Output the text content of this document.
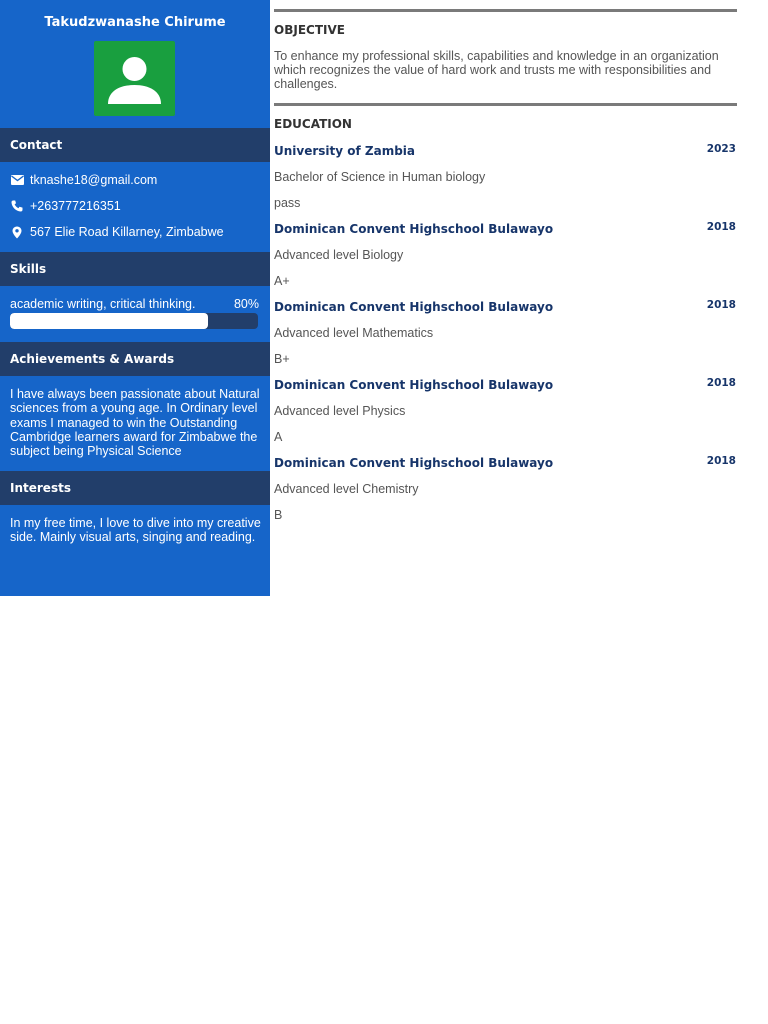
Takudzwanashe Chirume
Contact
tknashe18@gmail.com
+263777216351
567 Elie Road Killarney, Zimbabwe
Skills
academic writing, critical thinking.	80%
Achievements & Awards
I have always been passionate about Natural sciences from a young age. In Ordinary level exams I managed to win the Outstanding Cambridge learners award for Zimbabwe the subject being Physical Science
Interests
In my free time, I love to dive into my creative side. Mainly visual arts, singing and reading.
OBJECTIVE
To enhance my professional skills, capabilities and knowledge in an organization which recognizes the value of hard work and trusts me with responsibilities and challenges.
EDUCATION
University of Zambia	2023
Bachelor of Science in Human biology
pass
Dominican Convent Highschool Bulawayo	2018
Advanced level Biology
A+
Dominican Convent Highschool Bulawayo	2018
Advanced level Mathematics
B+
Dominican Convent Highschool Bulawayo	2018
Advanced level Physics
A
Dominican Convent Highschool Bulawayo	2018
Advanced level Chemistry
B
